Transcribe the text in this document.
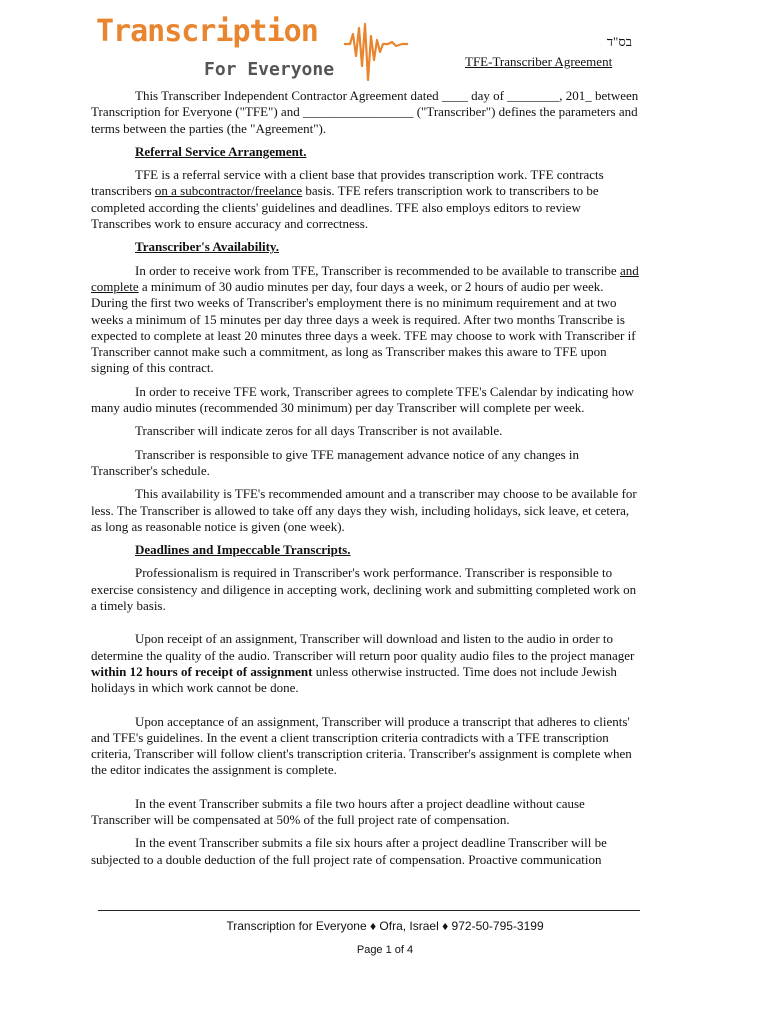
Transcription
For Everyone
בס"ד
TFE-Transcriber Agreement

This Transcriber Independent Contractor Agreement dated ____ day of ________, 201_ between Transcription for Everyone ("TFE") and _________________ ("Transcriber") defines the parameters and terms between the parties (the "Agreement").

Referral Service Arrangement.

TFE is a referral service with a client base that provides transcription work. TFE contracts transcribers on a subcontractor/freelance basis. TFE refers transcription work to transcribers to be completed according the clients' guidelines and deadlines. TFE also employs editors to review Transcribes work to ensure accuracy and correctness.

Transcriber's Availability.

In order to receive work from TFE, Transcriber is recommended to be available to transcribe and complete a minimum of 30 audio minutes per day, four days a week, or 2 hours of audio per week. During the first two weeks of Transcriber's employment there is no minimum requirement and at two weeks a minimum of 15 minutes per day three days a week is required. After two months Transcribe is expected to complete at least 20 minutes three days a week. TFE may choose to work with Transcriber if Transcriber cannot make such a commitment, as long as Transcriber makes this aware to TFE upon signing of this contract.

In order to receive TFE work, Transcriber agrees to complete TFE's Calendar by indicating how many audio minutes (recommended 30 minimum) per day Transcriber will complete per week.

Transcriber will indicate zeros for all days Transcriber is not available.

Transcriber is responsible to give TFE management advance notice of any changes in Transcriber's schedule.

This availability is TFE's recommended amount and a transcriber may choose to be available for less. The Transcriber is allowed to take off any days they wish, including holidays, sick leave, et cetera, as long as reasonable notice is given (one week).

Deadlines and Impeccable Transcripts.

Professionalism is required in Transcriber's work performance. Transcriber is responsible to exercise consistency and diligence in accepting work, declining work and submitting completed work on a timely basis.

Upon receipt of an assignment, Transcriber will download and listen to the audio in order to determine the quality of the audio. Transcriber will return poor quality audio files to the project manager within 12 hours of receipt of assignment unless otherwise instructed. Time does not include Jewish holidays in which work cannot be done.

Upon acceptance of an assignment, Transcriber will produce a transcript that adheres to clients' and TFE's guidelines. In the event a client transcription criteria contradicts with a TFE transcription criteria, Transcriber will follow client's transcription criteria. Transcriber's assignment is complete when the editor indicates the assignment is complete.

In the event Transcriber submits a file two hours after a project deadline without cause Transcriber will be compensated at 50% of the full project rate of compensation.

In the event Transcriber submits a file six hours after a project deadline Transcriber will be subjected to a double deduction of the full project rate of compensation. Proactive communication

Transcription for Everyone ♦ Ofra, Israel ♦ 972-50-795-3199
Page 1 of 4
